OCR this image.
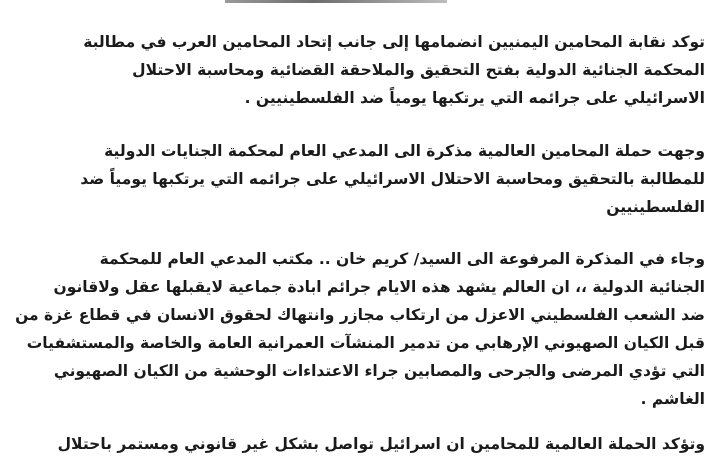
توكد نقابة المحامين اليمنيين انضمامها إلى جانب إتحاد المحامين العرب في مطالبة
المحكمة الجنائية الدولية بفتح التحقيق والملاحقة القضائية ومحاسبة الاحتلال
الاسرائيلي على جرائمه التي يرتكبها يومياً ضد الفلسطينيين .
وجهت حملة المحامين العالمية مذكرة الى المدعي العام لمحكمة الجنايات الدولية
للمطالبة بالتحقيق ومحاسبة الاحتلال الاسرائيلي على جرائمه التي يرتكبها يومياً ضد
الفلسطينيين
وجاء في المذكرة المرفوعة الى السيد/ كريم خان .. مكتب المدعي العام للمحكمة
الجنائية الدولية ،، ان العالم يشهد هذه الايام جرائم ابادة جماعية لايقبلها عقل ولاقانون
ضد الشعب الفلسطيني الاعزل من ارتكاب مجازر وانتهاك لحقوق الانسان في قطاع غزة من
قبل الكيان الصهيوني الإرهابي من تدمير المنشآت العمرانية العامة والخاصة والمستشفيات
التي تؤدي المرضى والجرحى والمصابين جراء الاعتداءات الوحشية من الكيان الصهيوني
الغاشم .
وتؤكد الحملة العالمية للمحامين ان اسرائيل تواصل بشكل غير قانوني ومستمر باحتلال
